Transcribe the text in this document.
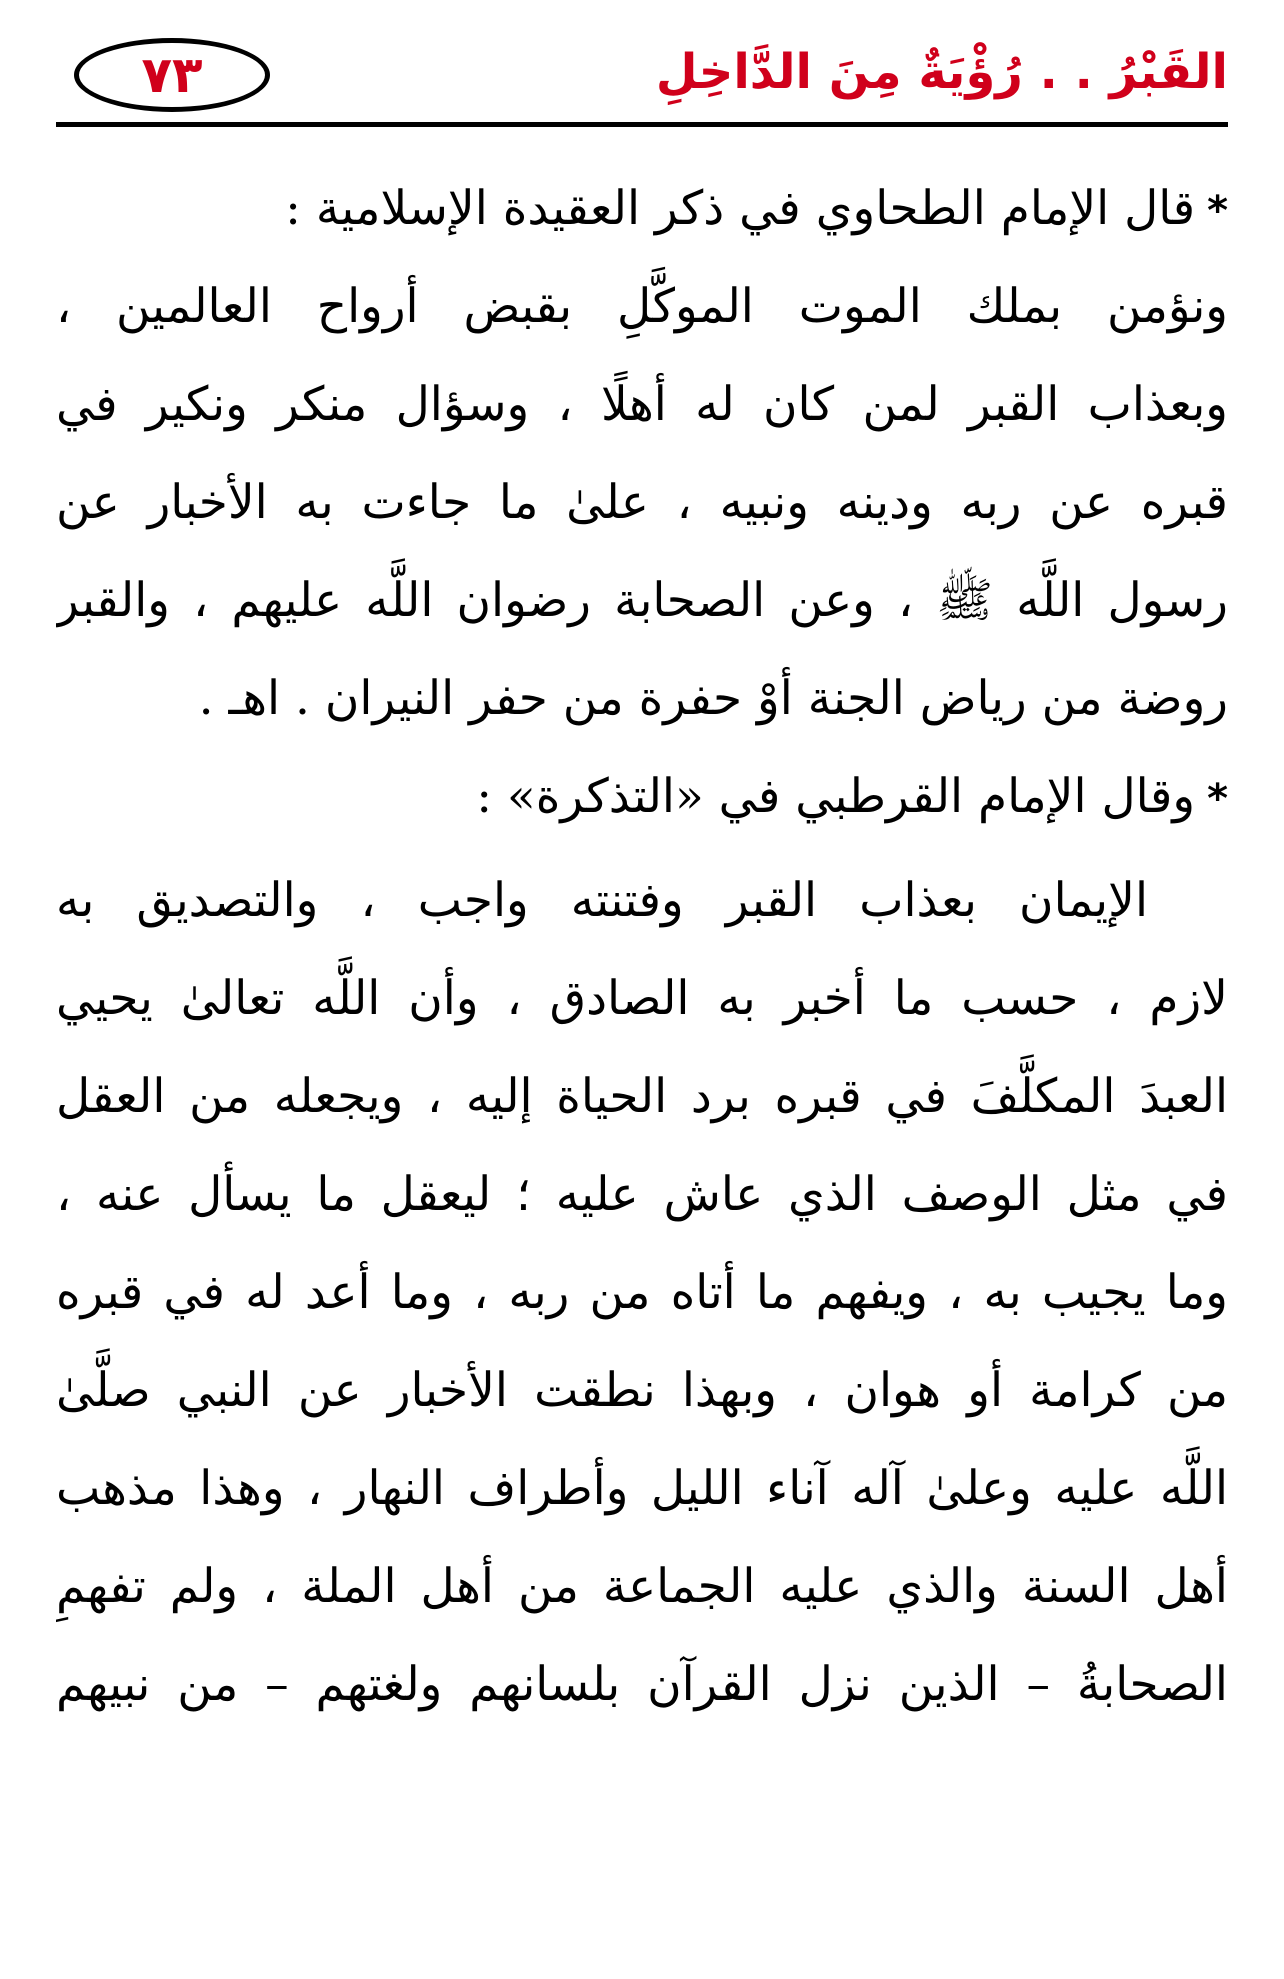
٧٣	القَبْرُ . . رُؤْيَةٌ مِنَ الدَّاخِلِ
*قال الإمام الطحاوي في ذكر العقيدة الإسلامية :
ونؤمن بملك الموت الموكَّلِ بقبض أرواح العالمين ،
وبعذاب القبر لمن كان له أهلًا ، وسؤال منكر ونكير في
قبره عن ربه ودينه ونبيه ، علىٰ ما جاءت به الأخبار عن
رسول اللَّه ﷺ ، وعن الصحابة رضوان اللَّه عليهم ، والقبر
روضة من رياض الجنة أوْ حفرة من حفر النيران . اهـ .
*وقال الإمام القرطبي في «التذكرة» :
الإيمان بعذاب القبر وفتنته واجب ، والتصديق به
لازم ، حسب ما أخبر به الصادق ، وأن اللَّه تعالىٰ يحيي
العبدَ المكلَّفَ في قبره برد الحياة إليه ، ويجعله من العقل
في مثل الوصف الذي عاش عليه ؛ ليعقل ما يسأل عنه ،
وما يجيب به ، ويفهم ما أتاه من ربه ، وما أعد له في قبره
من كرامة أو هوان ، وبهذا نطقت الأخبار عن النبي صلَّىٰ
اللَّه عليه وعلىٰ آله آناء الليل وأطراف النهار ، وهذا مذهب
أهل السنة والذي عليه الجماعة من أهل الملة ، ولم تفهمِ
الصحابةُ – الذين نزل القرآن بلسانهم ولغتهم – من نبيهم
